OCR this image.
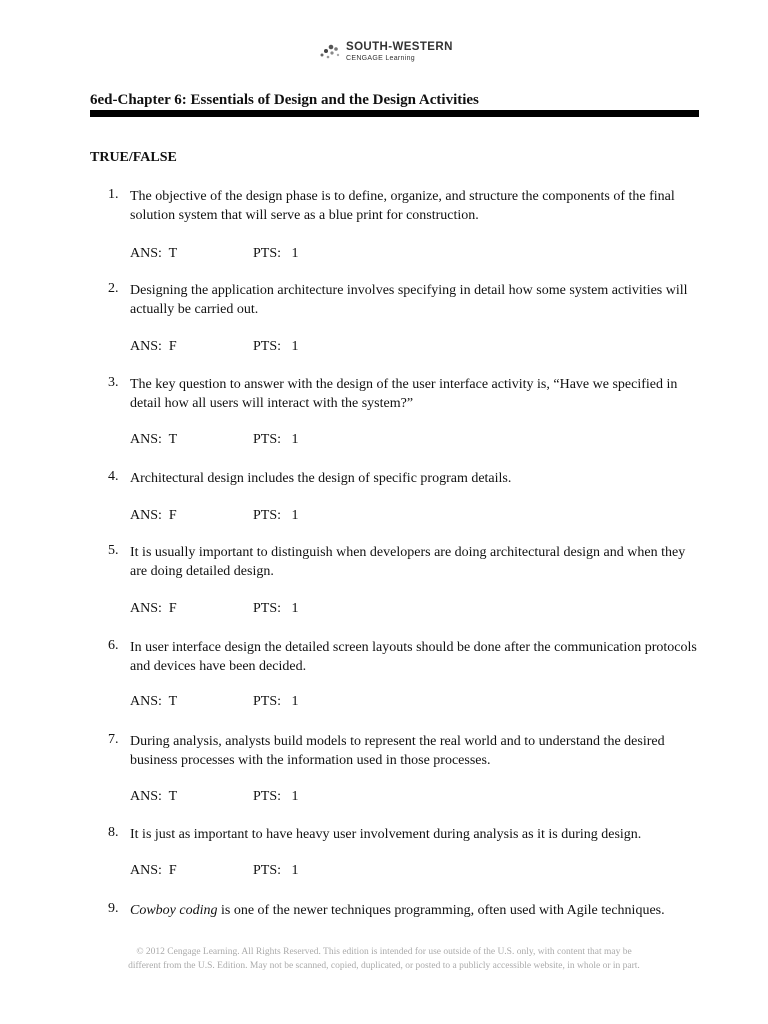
SOUTH-WESTERN
CENGAGE Learning
6ed-Chapter 6: Essentials of Design and the Design Activities
TRUE/FALSE
1. The objective of the design phase is to define, organize, and structure the components of the final solution system that will serve as a blue print for construction.
ANS: T	PTS: 1
2. Designing the application architecture involves specifying in detail how some system activities will actually be carried out.
ANS: F	PTS: 1
3. The key question to answer with the design of the user interface activity is, “Have we specified in detail how all users will interact with the system?”
ANS: T	PTS: 1
4. Architectural design includes the design of specific program details.
ANS: F	PTS: 1
5. It is usually important to distinguish when developers are doing architectural design and when they are doing detailed design.
ANS: F	PTS: 1
6. In user interface design the detailed screen layouts should be done after the communication protocols and devices have been decided.
ANS: T	PTS: 1
7. During analysis, analysts build models to represent the real world and to understand the desired business processes with the information used in those processes.
ANS: T	PTS: 1
8. It is just as important to have heavy user involvement during analysis as it is during design.
ANS: F	PTS: 1
9. Cowboy coding is one of the newer techniques programming, often used with Agile techniques.
© 2012 Cengage Learning. All Rights Reserved. This edition is intended for use outside of the U.S. only, with content that may be different from the U.S. Edition. May not be scanned, copied, duplicated, or posted to a publicly accessible website, in whole or in part.
